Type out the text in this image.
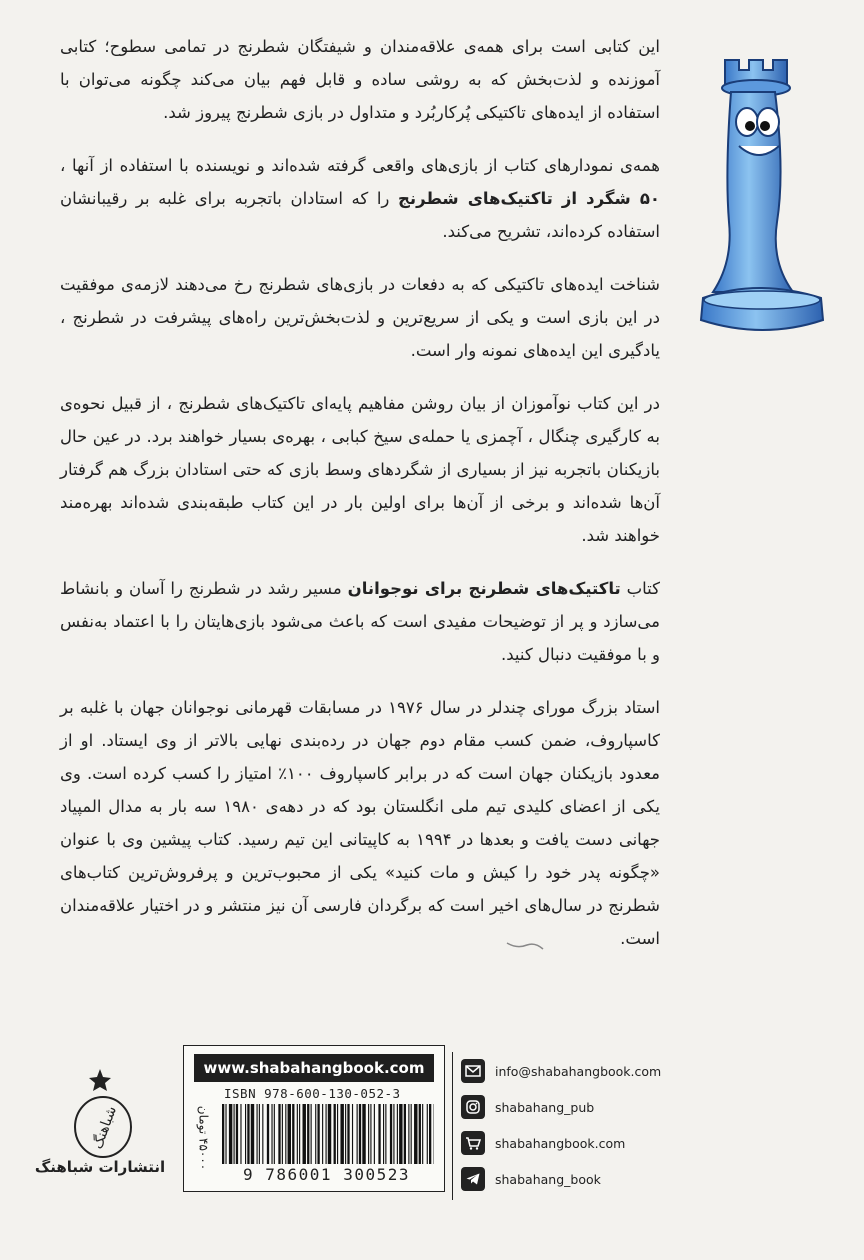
این کتابی است برای همه‌ی علاقه‌مندان و شیفتگان شطرنج در تمامی سطوح؛ کتابی آموزنده و لذت‌بخش که به روشی ساده و قابل فهم بیان می‌کند چگونه می‌توان با استفاده از ایده‌های تاکتیکی پُرکاربُرد و متداول در بازی شطرنج پیروز شد.

همه‌ی نمودارهای کتاب از بازی‌های واقعی گرفته شده‌اند و نویسنده با استفاده از آنها ، ۵۰ شگرد از تاکتیک‌های شطرنج را که استادان باتجربه برای غلبه بر رقیبانشان استفاده کرده‌اند، تشریح می‌کند.

شناخت ایده‌های تاکتیکی که به دفعات در بازی‌های شطرنج رخ می‌دهند لازمه‌ی موفقیت در این بازی است و یکی از سریع‌ترین و لذت‌بخش‌ترین راه‌های پیشرفت در شطرنج ، یادگیری این ایده‌های نمونه وار است.

در این کتاب نوآموزان از بیان روشن مفاهیم پایه‌ای تاکتیک‌های شطرنج ، از قبیل نحوه‌ی به کارگیری چنگال ، آچمزی یا حمله‌ی سیخ کبابی ، بهره‌ی بسیار خواهند برد. در عین حال بازیکنان باتجربه نیز از بسیاری از شگردهای وسط بازی که حتی استادان بزرگ هم گرفتار آن‌ها شده‌اند و برخی از آن‌ها برای اولین بار در این کتاب طبقه‌بندی شده‌اند بهره‌مند خواهند شد.

کتاب تاکتیک‌های شطرنج برای نوجوانان مسیر رشد در شطرنج را آسان و بانشاط می‌سازد و پر از توضیحات مفیدی است که باعث می‌شود بازی‌هایتان را با اعتماد به‌نفس و با موفقیت دنبال کنید.

استاد بزرگ مورای چندلر در سال ۱۹۷۶ در مسابقات قهرمانی نوجوانان جهان با غلبه بر کاسپاروف، ضمن کسب مقام دوم جهان در رده‌بندی نهایی بالاتر از وی ایستاد. او از معدود بازیکنان جهان است که در برابر کاسپاروف ۱۰۰٪ امتیاز را کسب کرده است. وی یکی از اعضای کلیدی تیم ملی انگلستان بود که در دهه‌ی ۱۹۸۰ سه بار به مدال المپیاد جهانی دست یافت و بعدها در ۱۹۹۴ به کاپیتانی این تیم رسید. کتاب پیشین وی با عنوان «چگونه پدر خود را کیش و مات کنید» یکی از محبوب‌ترین و پرفروش‌ترین کتاب‌های شطرنج در سال‌های اخیر است که برگردان فارسی آن نیز منتشر و در اختیار علاقه‌مندان است.

شباهنگ
انتشارات شباهنگ
www.shabahangbook.com
ISBN 978-600-130-052-3
۴۵۰۰۰ تومان
9 786001 300523
info@shabahangbook.com
shabahang_pub
shabahangbook.com
shabahang_book
